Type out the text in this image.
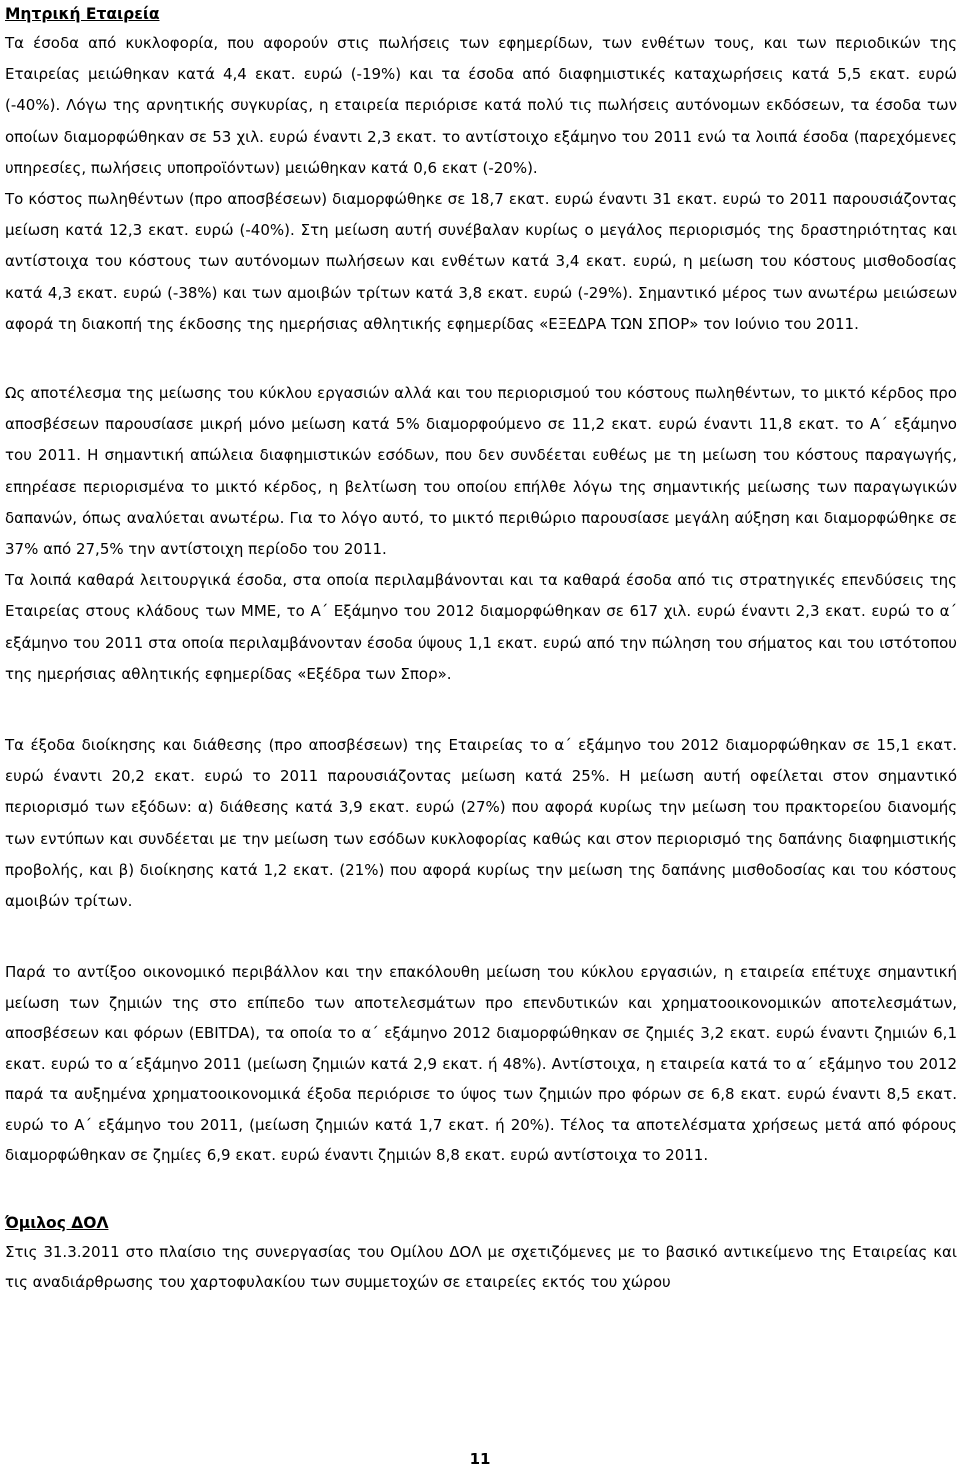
Μητρική Εταιρεία

Τα έσοδα από κυκλοφορία, που αφορούν στις πωλήσεις των εφημερίδων, των ενθέτων τους, και των περιοδικών της Εταιρείας μειώθηκαν κατά 4,4 εκατ. ευρώ (-19%) και τα έσοδα από διαφημιστικές καταχωρήσεις κατά 5,5 εκατ. ευρώ (-40%). Λόγω της αρνητικής συγκυρίας, η εταιρεία περιόρισε κατά πολύ τις πωλήσεις αυτόνομων εκδόσεων, τα έσοδα των οποίων διαμορφώθηκαν σε 53 χιλ. ευρώ έναντι 2,3 εκατ. το αντίστοιχο εξάμηνο του 2011 ενώ τα λοιπά έσοδα (παρεχόμενες υπηρεσίες, πωλήσεις υποπροϊόντων) μειώθηκαν κατά 0,6 εκατ (-20%).

Το κόστος πωληθέντων (προ αποσβέσεων) διαμορφώθηκε σε 18,7 εκατ. ευρώ έναντι 31 εκατ. ευρώ το 2011 παρουσιάζοντας μείωση κατά 12,3 εκατ. ευρώ (-40%). Στη μείωση αυτή συνέβαλαν κυρίως ο μεγάλος περιορισμός της δραστηριότητας και αντίστοιχα του κόστους των αυτόνομων πωλήσεων και ενθέτων κατά 3,4 εκατ. ευρώ, η μείωση του κόστους μισθοδοσίας κατά 4,3 εκατ. ευρώ (-38%) και των αμοιβών τρίτων κατά 3,8 εκατ. ευρώ (-29%). Σημαντικό μέρος των ανωτέρω μειώσεων αφορά τη διακοπή της έκδοσης της ημερήσιας αθλητικής εφημερίδας «ΕΞΕΔΡΑ ΤΩΝ ΣΠΟΡ» τον Ιούνιο του 2011.

Ως αποτέλεσμα της μείωσης του κύκλου εργασιών αλλά και του περιορισμού του κόστους πωληθέντων, το μικτό κέρδος προ αποσβέσεων παρουσίασε μικρή μόνο μείωση κατά 5% διαμορφούμενο σε 11,2 εκατ. ευρώ έναντι 11,8 εκατ. το Α΄ εξάμηνο του 2011. Η σημαντική απώλεια διαφημιστικών εσόδων, που δεν συνδέεται ευθέως με τη μείωση του κόστους παραγωγής, επηρέασε περιορισμένα το μικτό κέρδος, η βελτίωση του οποίου επήλθε λόγω της σημαντικής μείωσης των παραγωγικών δαπανών, όπως αναλύεται ανωτέρω. Για το λόγο αυτό, το μικτό περιθώριο παρουσίασε μεγάλη αύξηση και διαμορφώθηκε σε 37% από 27,5% την αντίστοιχη περίοδο του 2011.

Τα λοιπά καθαρά λειτουργικά έσοδα, στα οποία περιλαμβάνονται και τα καθαρά έσοδα από τις στρατηγικές επενδύσεις της Εταιρείας στους κλάδους των ΜΜΕ, το Α΄ Εξάμηνο του 2012 διαμορφώθηκαν σε 617 χιλ. ευρώ έναντι 2,3 εκατ. ευρώ το α΄ εξάμηνο του 2011 στα οποία περιλαμβάνονταν έσοδα ύψους 1,1 εκατ. ευρώ από την πώληση του σήματος και του ιστότοπου της ημερήσιας αθλητικής εφημερίδας «Εξέδρα των Σπορ».

Τα έξοδα διοίκησης και διάθεσης (προ αποσβέσεων) της Εταιρείας το α΄ εξάμηνο του 2012 διαμορφώθηκαν σε 15,1 εκατ. ευρώ έναντι 20,2 εκατ. ευρώ το 2011 παρουσιάζοντας μείωση κατά 25%. Η μείωση αυτή οφείλεται στον σημαντικό περιορισμό των εξόδων: α) διάθεσης κατά 3,9 εκατ. ευρώ (27%) που αφορά κυρίως την μείωση του πρακτορείου διανομής των εντύπων και συνδέεται με την μείωση των εσόδων κυκλοφορίας καθώς και στον περιορισμό της δαπάνης διαφημιστικής προβολής, και β) διοίκησης κατά 1,2 εκατ. (21%) που αφορά κυρίως την μείωση της δαπάνης μισθοδοσίας και του κόστους αμοιβών τρίτων.

Παρά το αντίξοο οικονομικό περιβάλλον και την επακόλουθη μείωση του κύκλου εργασιών, η εταιρεία επέτυχε σημαντική μείωση των ζημιών της στο επίπεδο των αποτελεσμάτων προ επενδυτικών και χρηματοοικονομικών αποτελεσμάτων, αποσβέσεων και φόρων (EBITDA), τα οποία το α΄ εξάμηνο 2012 διαμορφώθηκαν σε ζημιές 3,2 εκατ. ευρώ έναντι ζημιών 6,1 εκατ. ευρώ το α΄εξάμηνο 2011 (μείωση ζημιών κατά 2,9 εκατ. ή 48%). Αντίστοιχα, η εταιρεία κατά το α΄ εξάμηνο του 2012 παρά τα αυξημένα χρηματοοικονομικά έξοδα περιόρισε το ύψος των ζημιών προ φόρων σε 6,8 εκατ. ευρώ έναντι 8,5 εκατ. ευρώ το Α΄ εξάμηνο του 2011, (μείωση ζημιών κατά 1,7 εκατ. ή 20%). Τέλος τα αποτελέσματα χρήσεως μετά από φόρους διαμορφώθηκαν σε ζημίες 6,9 εκατ. ευρώ έναντι ζημιών 8,8 εκατ. ευρώ αντίστοιχα το 2011.

Όμιλος ΔΟΛ

Στις 31.3.2011 στο πλαίσιο της συνεργασίας του Ομίλου ΔΟΛ με σχετιζόμενες με το βασικό αντικείμενο της Εταιρείας και τις αναδιάρθρωσης του χαρτοφυλακίου των συμμετοχών σε εταιρείες εκτός του χώρου

11
